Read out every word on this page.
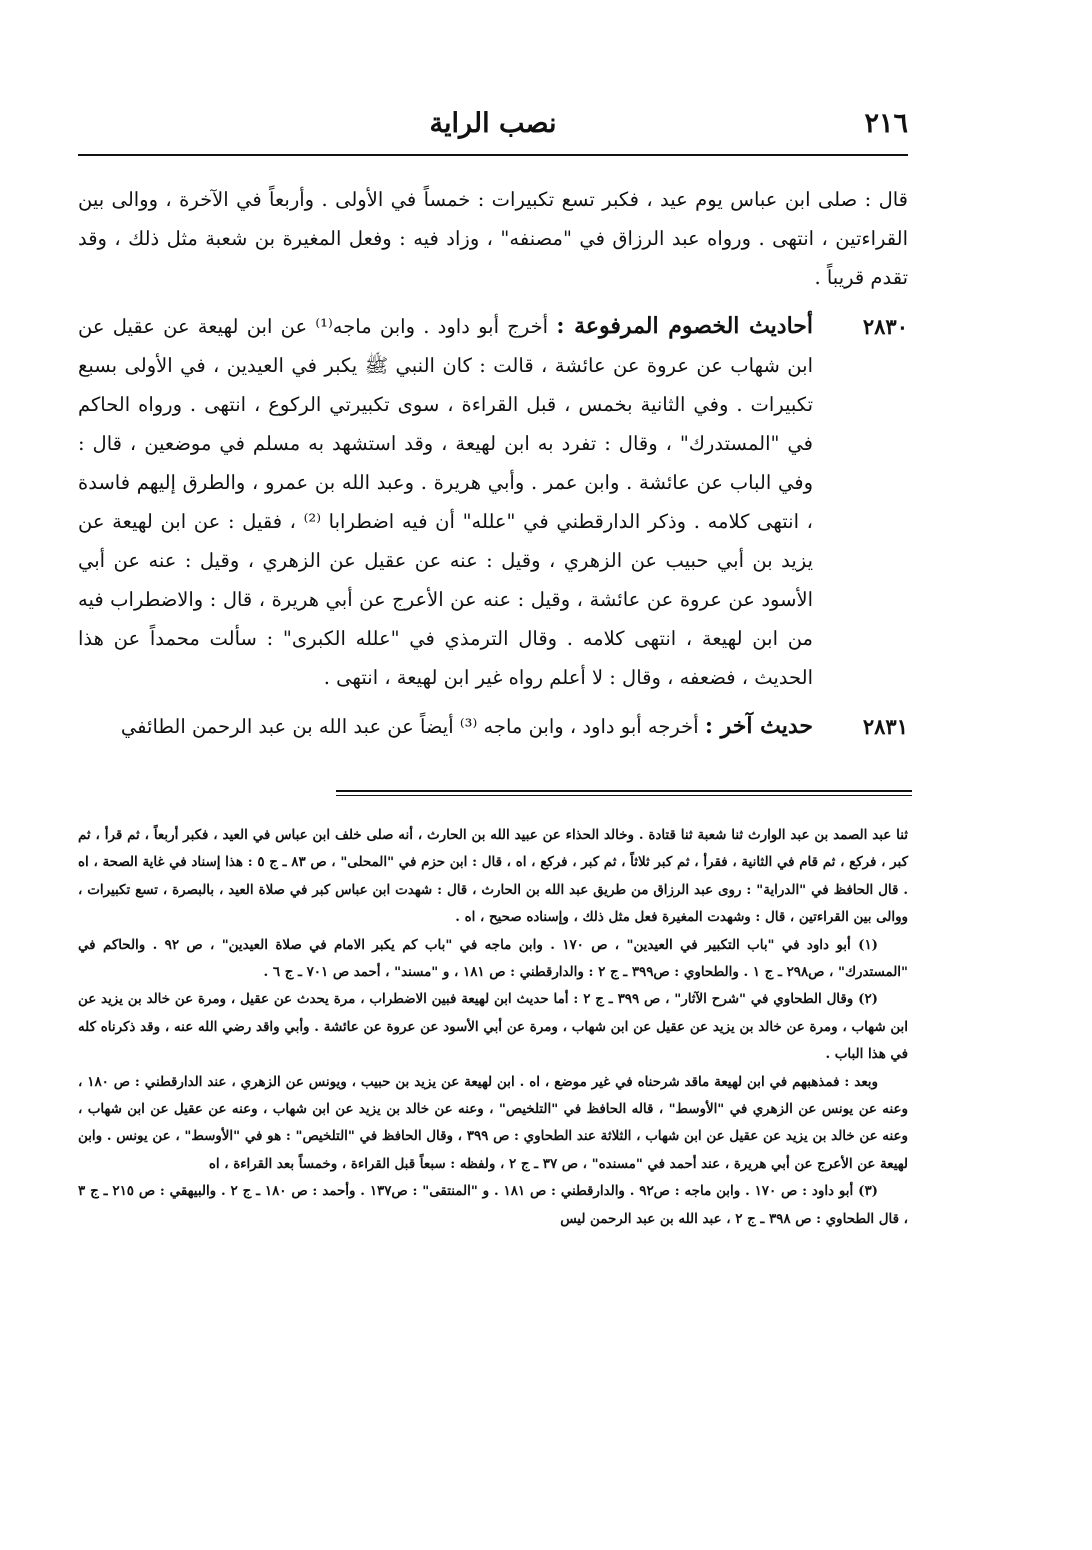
٢١٦
نصب الراية
قال : صلى ابن عباس يوم عيد ، فكبر تسع تكبيرات : خمساً في الأولى . وأربعاً في الآخرة ، ووالى بين القراءتين ، انتهى . ورواه عبد الرزاق في "مصنفه" ، وزاد فيه : وفعل المغيرة بن شعبة مثل ذلك ، وقد تقدم قريباً .
٢٨٣٠
أحاديث الخصوم المرفوعة : أخرج أبو داود . وابن ماجه⁽¹⁾ عن ابن لهيعة عن عقيل عن ابن شهاب عن عروة عن عائشة ، قالت : كان النبي ﷺ يكبر في العيدين ، في الأولى بسبع تكبيرات . وفي الثانية بخمس ، قبل القراءة ، سوى تكبيرتي الركوع ، انتهى . ورواه الحاكم في "المستدرك" ، وقال : تفرد به ابن لهيعة ، وقد استشهد به مسلم في موضعين ، قال : وفي الباب عن عائشة . وابن عمر . وأبي هريرة . وعبد الله بن عمرو ، والطرق إليهم فاسدة ، انتهى كلامه . وذكر الدارقطني في "علله" أن فيه اضطرابا ⁽²⁾ ، فقيل : عن ابن لهيعة عن يزيد بن أبي حبيب عن الزهري ، وقيل : عنه عن عقيل عن الزهري ، وقيل : عنه عن أبي الأسود عن عروة عن عائشة ، وقيل : عنه عن الأعرج عن أبي هريرة ، قال : والاضطراب فيه من ابن لهيعة ، انتهى كلامه . وقال الترمذي في "علله الكبرى" : سألت محمداً عن هذا الحديث ، فضعفه ، وقال : لا أعلم رواه غير ابن لهيعة ، انتهى .
٢٨٣١
حديث آخر : أخرجه أبو داود ، وابن ماجه ⁽³⁾ أيضاً عن عبد الله بن عبد الرحمن الطائفي

ثنا عبد الصمد بن عبد الوارث ثنا شعبة ثنا قتادة . وخالد الحذاء عن عبيد الله بن الحارث ، أنه صلى خلف ابن عباس في العيد ، فكبر أربعاً ، ثم قرأ ، ثم كبر ، فركع ، ثم قام في الثانية ، فقرأ ، ثم كبر ثلاثاً ، ثم كبر ، فركع ، اه ، قال : ابن حزم في "المحلى" ، ص ٨٣ ـ ج ٥ : هذا إسناد في غاية الصحة ، اه . قال الحافظ في "الدراية" : روى عبد الرزاق من طريق عبد الله بن الحارث ، قال : شهدت ابن عباس كبر في صلاة العيد ، بالبصرة ، تسع تكبيرات ، ووالى بين القراءتين ، قال : وشهدت المغيرة فعل مثل ذلك ، وإسناده صحيح ، اه .

(١) أبو داود في "باب التكبير في العيدين" ، ص ١٧٠ . وابن ماجه في "باب كم يكبر الامام في صلاة العيدين" ، ص ٩٢ . والحاكم في "المستدرك" ، ص٢٩٨ ـ ج ١ . والطحاوي : ص٣٩٩ ـ ج ٢ : والدارقطني : ص ١٨١ ، و "مسند" ، أحمد ص ٧٠١ ـ ج ٦ .

(٢) وقال الطحاوي في "شرح الآثار" ، ص ٣٩٩ ـ ج ٢ : أما حديث ابن لهيعة فبين الاضطراب ، مرة يحدث عن عقيل ، ومرة عن خالد بن يزيد عن ابن شهاب ، ومرة عن خالد بن يزيد عن عقيل عن ابن شهاب ، ومرة عن أبي الأسود عن عروة عن عائشة . وأبي واقد رضي الله عنه ، وقد ذكرناه كله في هذا الباب .

وبعد : فمذهبهم في ابن لهيعة ماقد شرحناه في غير موضع ، اه . ابن لهيعة عن يزيد بن حبيب ، ويونس عن الزهري ، عند الدارقطني : ص ١٨٠ ، وعنه عن يونس عن الزهري في "الأوسط" ، قاله الحافظ في "التلخيص" ، وعنه عن خالد بن يزيد عن ابن شهاب ، وعنه عن عقيل عن ابن شهاب ، وعنه عن خالد بن يزيد عن عقيل عن ابن شهاب ، الثلاثة عند الطحاوي : ص ٣٩٩ ، وقال الحافظ في "التلخيص" : هو في "الأوسط" ، عن يونس . وابن لهيعة عن الأعرج عن أبي هريرة ، عند أحمد في "مسنده" ، ص ٣٧ ـ ج ٢ ، ولفظه : سبعاً قبل القراءة ، وخمساً بعد القراءة ، اه

(٣) أبو داود : ص ١٧٠ . وابن ماجه : ص٩٢ . والدارقطني : ص ١٨١ . و "المنتقى" : ص١٣٧ . وأحمد : ص ١٨٠ ـ ج ٢ . والبيهقي : ص ٢١٥ ـ ج ٣ ، قال الطحاوي : ص ٣٩٨ ـ ج ٢ ، عبد الله بن عبد الرحمن ليس
